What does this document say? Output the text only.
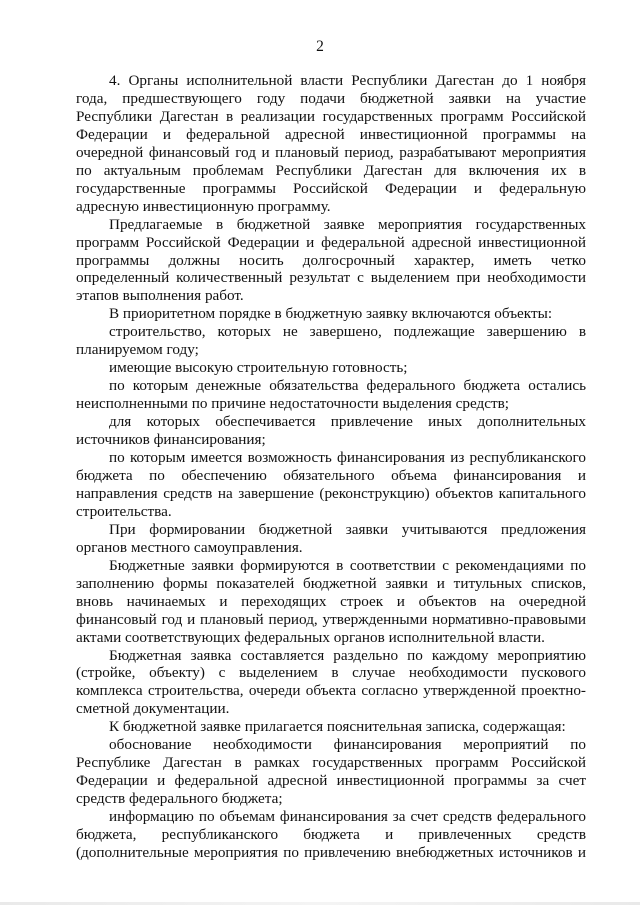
2

4. Органы исполнительной власти Республики Дагестан до 1 ноября года, предшествующего году подачи бюджетной заявки на участие Республики Дагестан в реализации государственных программ Российской Федерации и федеральной адресной инвестиционной программы на очередной финансовый год и плановый период, разрабатывают мероприятия по актуальным проблемам Республики Дагестан для включения их в государственные программы Российской Федерации и федеральную адресную инвестиционную программу.

Предлагаемые в бюджетной заявке мероприятия государственных программ Российской Федерации и федеральной адресной инвестиционной программы должны носить долгосрочный характер, иметь четко определенный количественный результат с выделением при необходимости этапов выполнения работ.

В приоритетном порядке в бюджетную заявку включаются объекты:

строительство, которых не завершено, подлежащие завершению в планируемом году;

имеющие высокую строительную готовность;

по которым денежные обязательства федерального бюджета остались неисполненными по причине недостаточности выделения средств;

для которых обеспечивается привлечение иных дополнительных источников финансирования;

по которым имеется возможность финансирования из республиканского бюджета по обеспечению обязательного объема финансирования и направления средств на завершение (реконструкцию) объектов капитального строительства.

При формировании бюджетной заявки учитываются предложения органов местного самоуправления.

Бюджетные заявки формируются в соответствии с рекомендациями по заполнению формы показателей бюджетной заявки и титульных списков, вновь начинаемых и переходящих строек и объектов на очередной финансовый год и плановый период, утвержденными нормативно-правовыми актами соответствующих федеральных органов исполнительной власти.

Бюджетная заявка составляется раздельно по каждому мероприятию (стройке, объекту) с выделением в случае необходимости пускового комплекса строительства, очереди объекта согласно утвержденной проектно-сметной документации.

К бюджетной заявке прилагается пояснительная записка, содержащая:

обоснование необходимости финансирования мероприятий по Республике Дагестан в рамках государственных программ Российской Федерации и федеральной адресной инвестиционной программы за счет средств федерального бюджета;

информацию по объемам финансирования за счет средств федерального бюджета, республиканского бюджета и привлеченных средств (дополнительные мероприятия по привлечению внебюджетных источников и
